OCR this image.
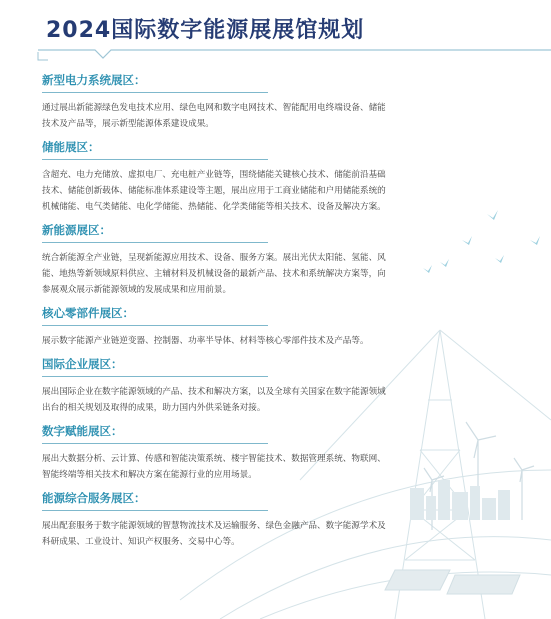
2024国际数字能源展展馆规划
新型电力系统展区：

通过展出新能源绿色发电技术应用、绿色电网和数字电网技术、智能配用电终端设备、储能技术及产品等，展示新型能源体系建设成果。

储能展区：

含超充、电力充储放、虚拟电厂、充电桩产业链等，围绕储能关键核心技术、储能前沿基础技术、储能创新载体、储能标准体系建设等主题，展出应用于工商业储能和户用储能系统的机械储能、电气类储能、电化学储能、热储能、化学类储能等相关技术、设备及解决方案。

新能源展区：

统合新能源全产业链，呈现新能源应用技术、设备、服务方案。展出光伏太阳能、氢能、风能、地热等新领域原料供应、主辅材料及机械设备的最新产品、技术和系统解决方案等，向参展观众展示新能源领域的发展成果和应用前景。

核心零部件展区：

展示数字能源产业链逆变器、控制器、功率半导体、材料等核心零部件技术及产品等。

国际企业展区：

展出国际企业在数字能源领域的产品、技术和解决方案，以及全球有关国家在数字能源领域出台的相关规划及取得的成果，助力国内外供采链条对接。

数字赋能展区：

展出大数据分析、云计算、传感和智能决策系统、楼宇智能技术、数据管理系统、物联网、智能终端等相关技术和解决方案在能源行业的应用场景。

能源综合服务展区：

展出配套服务于数字能源领域的智慧物流技术及运输服务、绿色金融产品、数字能源学术及科研成果、工业设计、知识产权服务、交易中心等。
